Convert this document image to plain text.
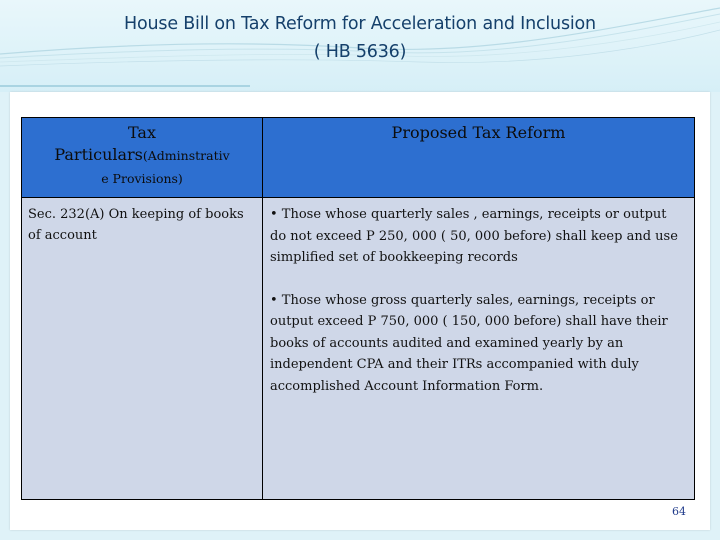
House Bill on Tax Reform for Acceleration and Inclusion
( HB 5636)
Tax
Particulars(Adminstrativ
e Provisions)	Proposed Tax Reform
Sec. 232(A) On keeping of books of account	• Those whose quarterly sales , earnings, receipts or output do not exceed P 250, 000 ( 50, 000 before) shall keep and use simplified set of bookkeeping records

• Those whose gross quarterly sales, earnings, receipts or output exceed P 750, 000 ( 150, 000 before) shall have their books of accounts audited and examined yearly by an independent CPA and their ITRs accompanied with duly accomplished Account Information Form.

64
